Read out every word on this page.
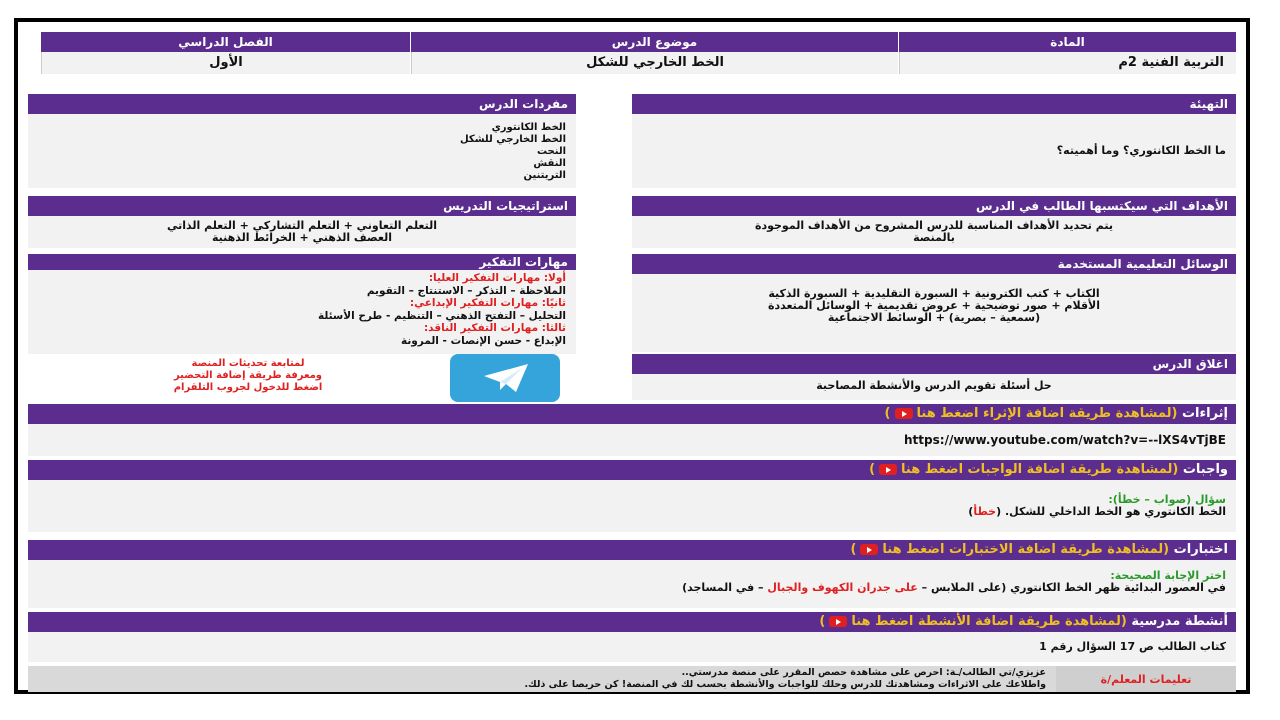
المادة
التربية الفنية 2م
موضوع الدرس
الخط الخارجي للشكل
الفصل الدراسي
الأول
التهيئة
ما الخط الكانتوري؟ وما أهميته؟
مفردات الدرس
الخط الكانتوري
الخط الخارجي للشكل
النحت
النقش
التريتنين
الأهداف التي سيكتسبها الطالب في الدرس
يتم تحديد الأهداف المناسبة للدرس المشروح من الأهداف الموجودة
بالمنصة
استراتيجيات التدريس
التعلم التعاوني + التعلم التشاركي + التعلم الذاتي
العصف الذهني + الخرائط الذهنية
الوسائل التعليمية المستخدمة
الكتاب + كتب الكترونية + السبورة التقليدية + السبورة الذكية
الأقلام + صور توضيحية + عروض تقديمية + الوسائل المتعددة
(سمعية – بصرية) + الوسائط الاجتماعية
مهارات التفكير
أولا: مهارات التفكير العليا:
الملاحظة – التذكر – الاستنتاج – التقويم
ثانيًا: مهارات التفكير الإبداعي:
التحليل – التفتح الذهني – التنظيم - طرح الأسئلة
ثالثا: مهارات التفكير الناقد:
الإبداع - حسن الإنصات - المرونة
لمتابعة تحديثات المنصة
ومعرفة طريقة إضافة التحضير
اضغط للدخول لجروب التلقرام
اغلاق الدرس
حل أسئلة تقويم الدرس والأنشطة المصاحبة
إثراءات (لمشاهدة طريقة اضافة الإثراء اضغط هنا)
https://www.youtube.com/watch?v=--lXS4vTjBE
واجبات (لمشاهدة طريقة اضافة الواجبات اضغط هنا)
سؤال (صواب – خطأ):
الخط الكانتوري هو الخط الداخلي للشكل. (خطأ)
اختبارات (لمشاهدة طريقة اضافة الاختبارات اضغط هنا)
اختر الإجابة الصحيحة:
في العصور البدائية ظهر الخط الكانتوري (على الملابس – على جدران الكهوف والجبال – في المساجد)
أنشطة مدرسية (لمشاهدة طريقة اضافة الأنشطة اضغط هنا)
كتاب الطالب ص 17 السؤال رقم 1
تعليمات المعلم/ة
عزيزي/تي الطالب/ـة: احرص على مشاهدة حصص المقرر على منصة مدرستي..
واطلاعك على الاثراءات ومشاهدتك للدرس وحلك للواجبات والأنشطة بحسب لك في المنصة! كن حريصا على ذلك.
